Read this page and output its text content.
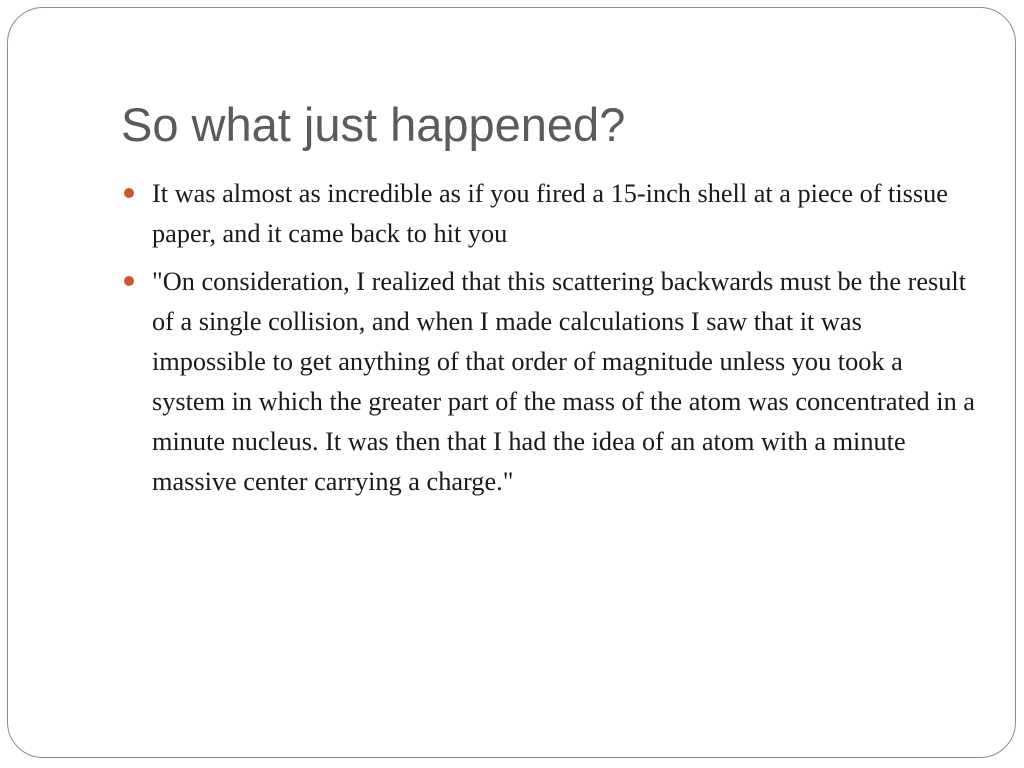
So what just happened?
It was almost as incredible as if you fired a 15-inch shell at a piece of tissue paper, and it came back to hit you
"On consideration, I realized that this scattering backwards must be the result of a single collision, and when I made calculations I saw that it was impossible to get anything of that order of magnitude unless you took a system in which the greater part of the mass of the atom was concentrated in a minute nucleus. It was then that I had the idea of an atom with a minute massive center carrying a charge."
